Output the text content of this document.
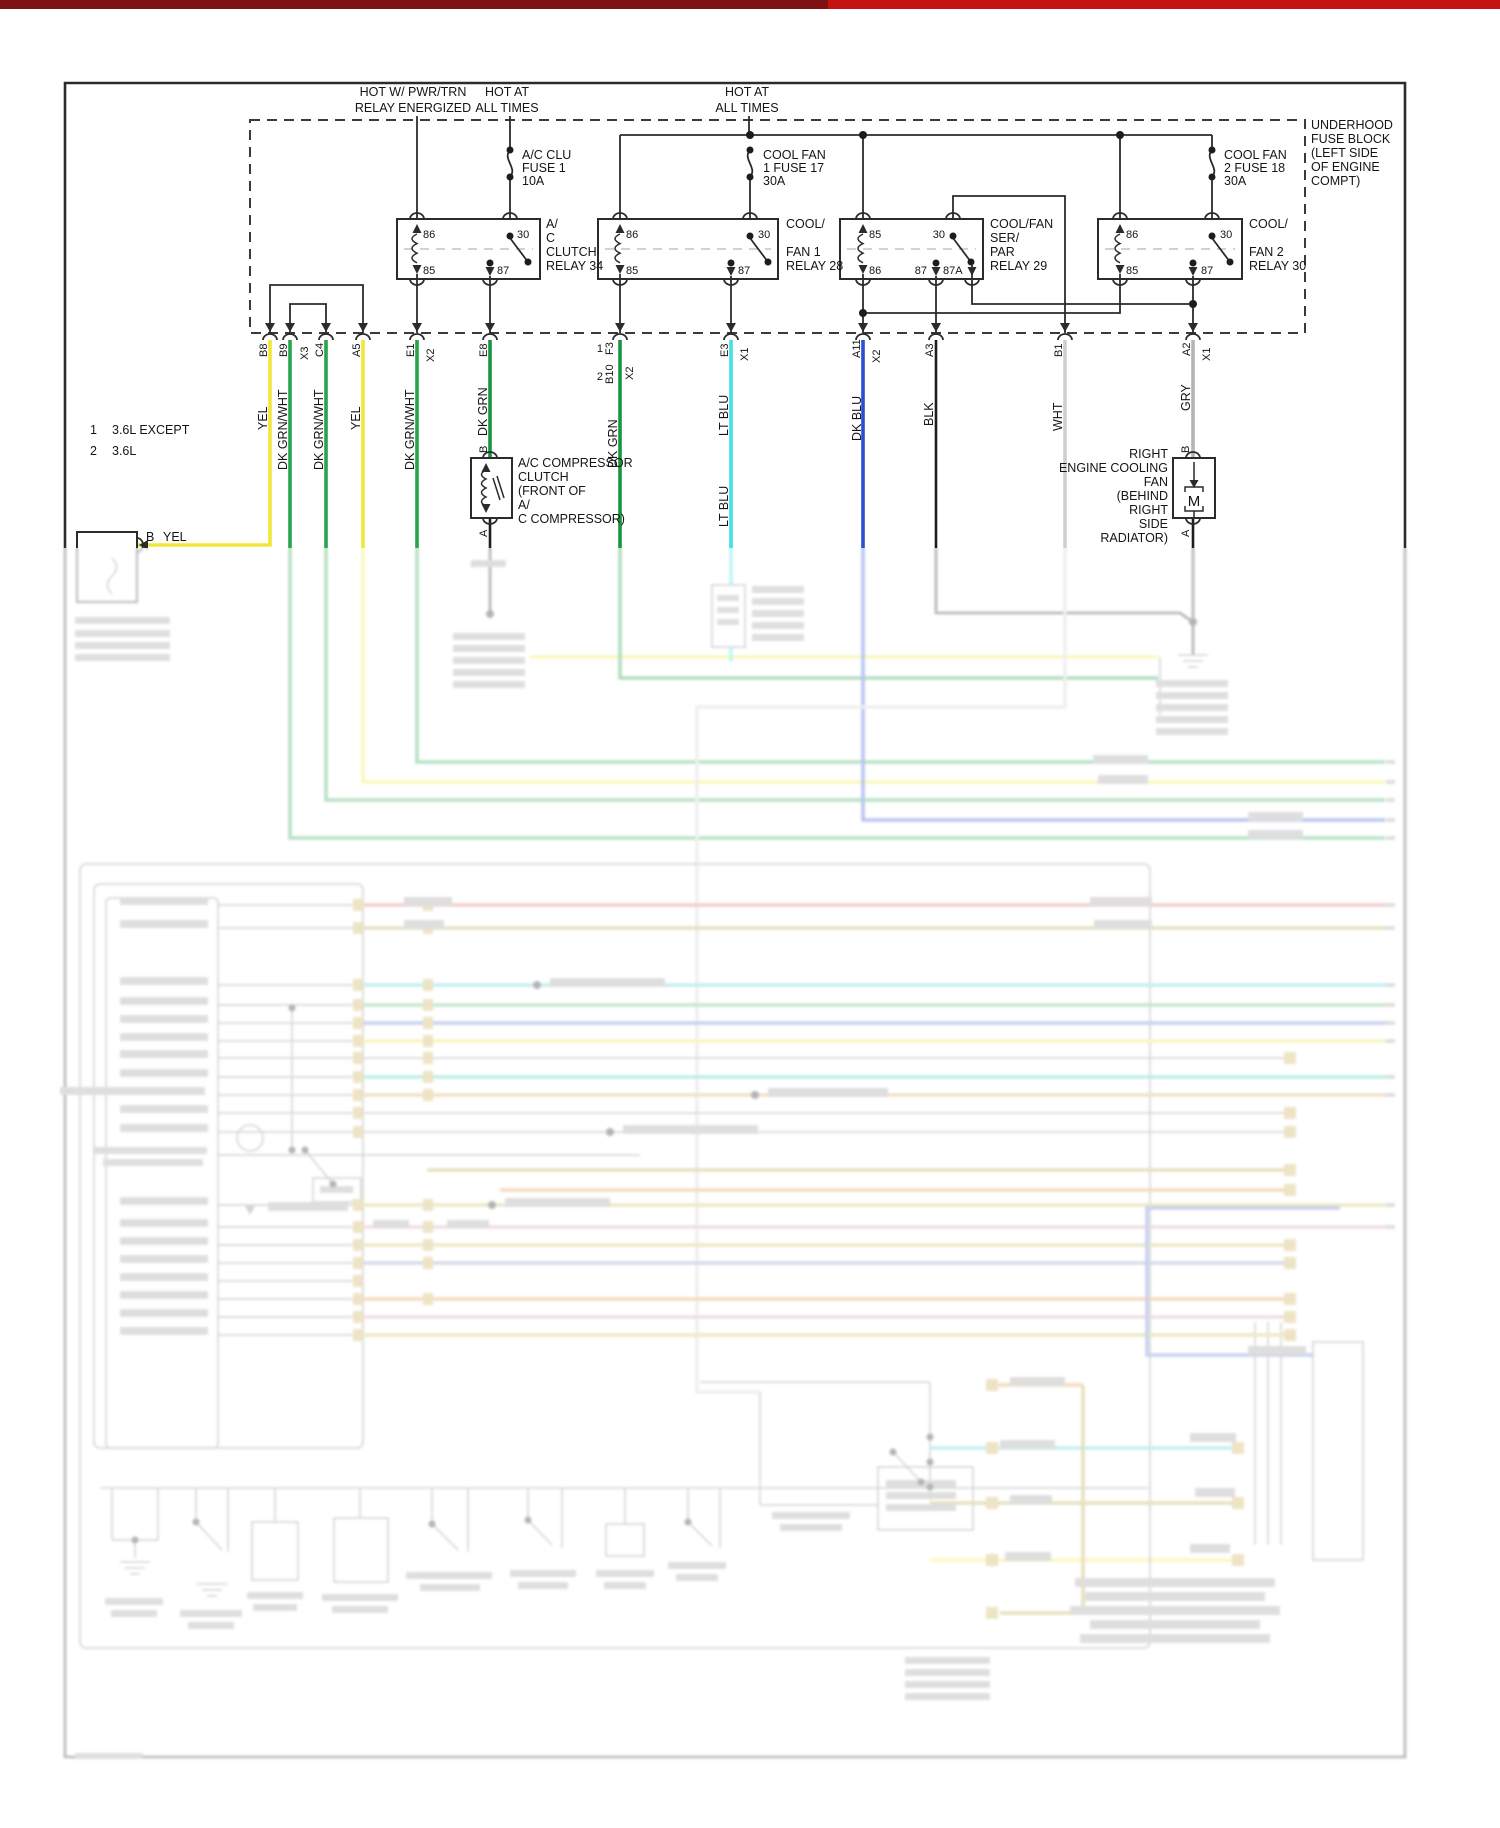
M
HOT W/ PWR/TRN
RELAY ENERGIZED
HOT AT
ALL TIMES
HOT AT
ALL TIMES
A/C CLU
FUSE 1
10A
COOL FAN
1 FUSE 17
30A
COOL FAN
2 FUSE 18
30A
UNDERHOOD
FUSE BLOCK
(LEFT SIDE
OF ENGINE
COMPT)
A/
C
CLUTCH
RELAY 34
COOL/
FAN 1
RELAY 28
COOL/FAN
SER/
PAR
RELAY 29
COOL/
FAN 2
RELAY 30
86	30
85	87
86	30
85	87
85	30
86	87 87A
86	30
85	87
B8 B9 X3 C4 A5	E1 X2	E8	1 F3
2 B10 X2
E3 X1	A11 X2	A3	B1	A2 X1
YEL DK GRN/WHT DK GRN/WHT YEL	DK GRN/WHT	DK GRN
DK GRN
LT BLU
LT BLU
DK BLU	BLK	WHT
GRY
1 3.6L EXCEPT
2 3.6L
A/C COMPRESSOR
CLUTCH
(FRONT OF
A/
C COMPRESSOR)
RIGHT
ENGINE COOLING
FAN
(BEHIND
RIGHT
SIDE
RADIATOR)
B
A
B
A
B YEL
